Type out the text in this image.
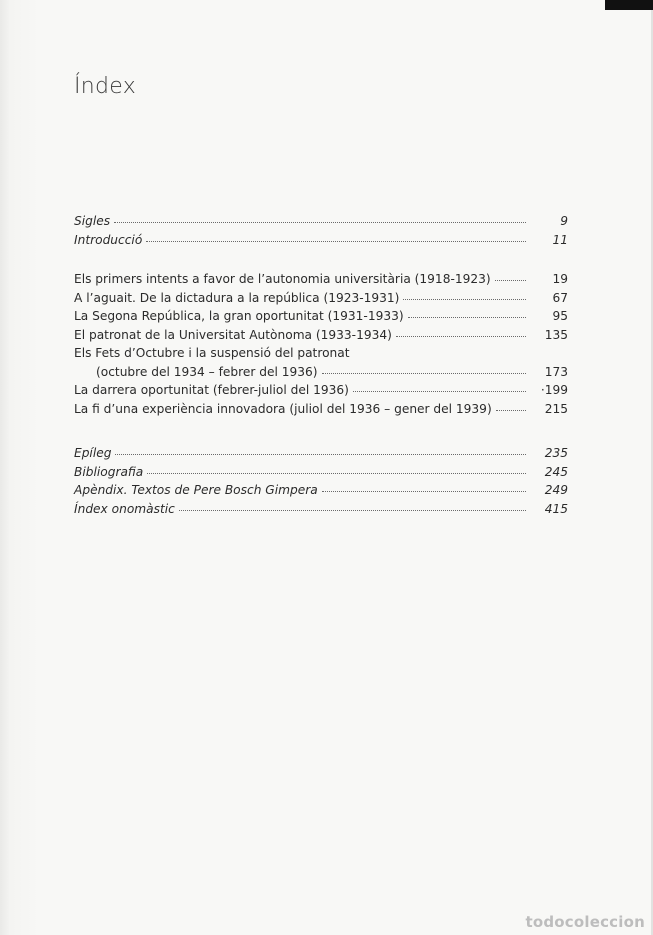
Índex
Sigles	9
Introducció	11
Els primers intents a favor de l’autonomia universitària (1918-1923)	19
A l’aguait. De la dictadura a la república (1923-1931)	67
La Segona República, la gran oportunitat (1931-1933)	95
El patronat de la Universitat Autònoma (1933-1934)	135
Els Fets d’Octubre i la suspensió del patronat
(octubre del 1934 – febrer del 1936)	173
La darrera oportunitat (febrer-juliol del 1936)	·199
La fi d’una experiència innovadora (juliol del 1936 – gener del 1939)	215
Epíleg	235
Bibliografia	245
Apèndix. Textos de Pere Bosch Gimpera	249
Índex onomàstic	415
todocoleccion
